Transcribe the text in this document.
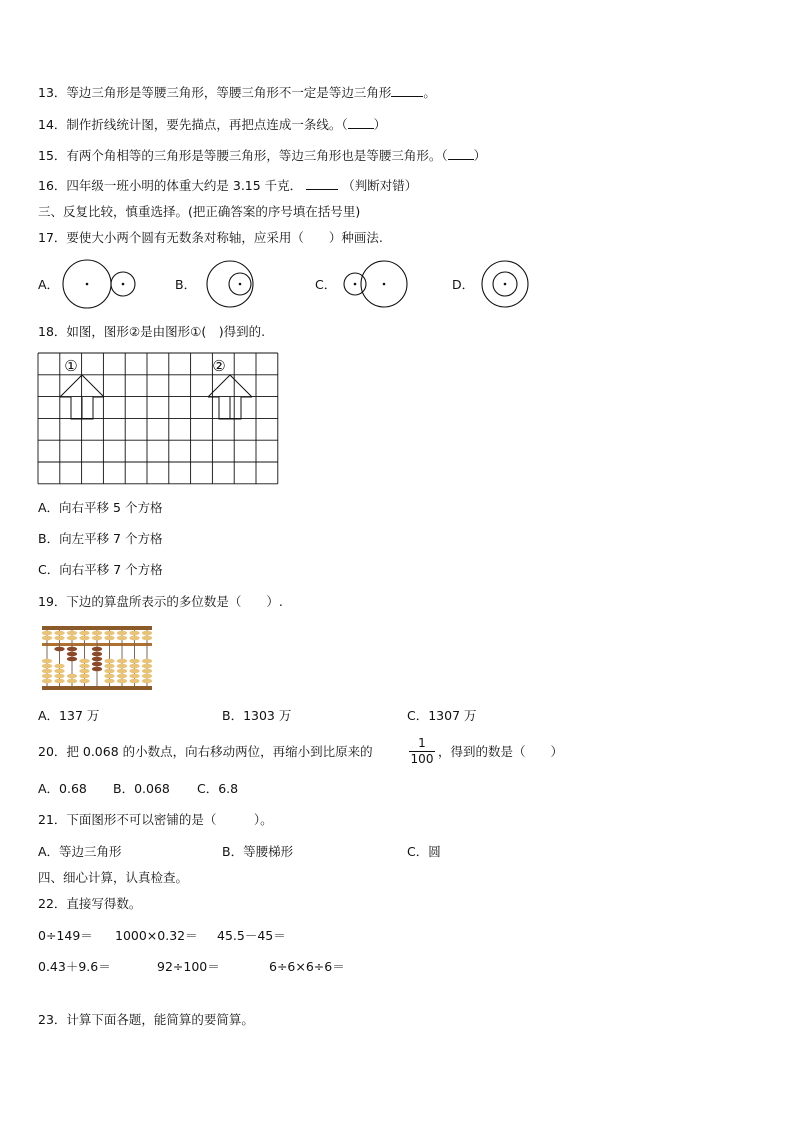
13．等边三角形是等腰三角形，等腰三角形不一定是等边三角形	。
14．制作折线统计图，要先描点，再把点连成一条线。（ ）
15．有两个角相等的三角形是等腰三角形，等边三角形也是等腰三角形。（ ）
16．四年级一班小明的体重大约是 3.15 千克．	（判断对错）
三、反复比较，慎重选择。(把正确答案的序号填在括号里)
17．要使大小两个圆有无数条对称轴，应采用（　　）种画法.
A．	B．	C．	D．
18．如图，图形②是由图形①(　)得到的.
①	②
A．向右平移 5 个方格
B．向左平移 7 个方格
C．向右平移 7 个方格
19．下边的算盘所表示的多位数是（　　）.
A．137 万	B．1303 万	C．1307 万
20．把 0.068 的小数点，向右移动两位，再缩小到比原来的
1
100 ，得到的数是（　　）
A．0.68 B．0.068 C．6.8
21．下面图形不可以密铺的是（　　　）。
A．等边三角形	B．等腰梯形	C．圆
四、细心计算，认真检查。
22．直接写得数。
0÷149＝ 1000×0.32＝ 45.5－45＝
0.43＋9.6＝	92÷100＝	6÷6×6÷6＝
23．计算下面各题，能简算的要简算。
